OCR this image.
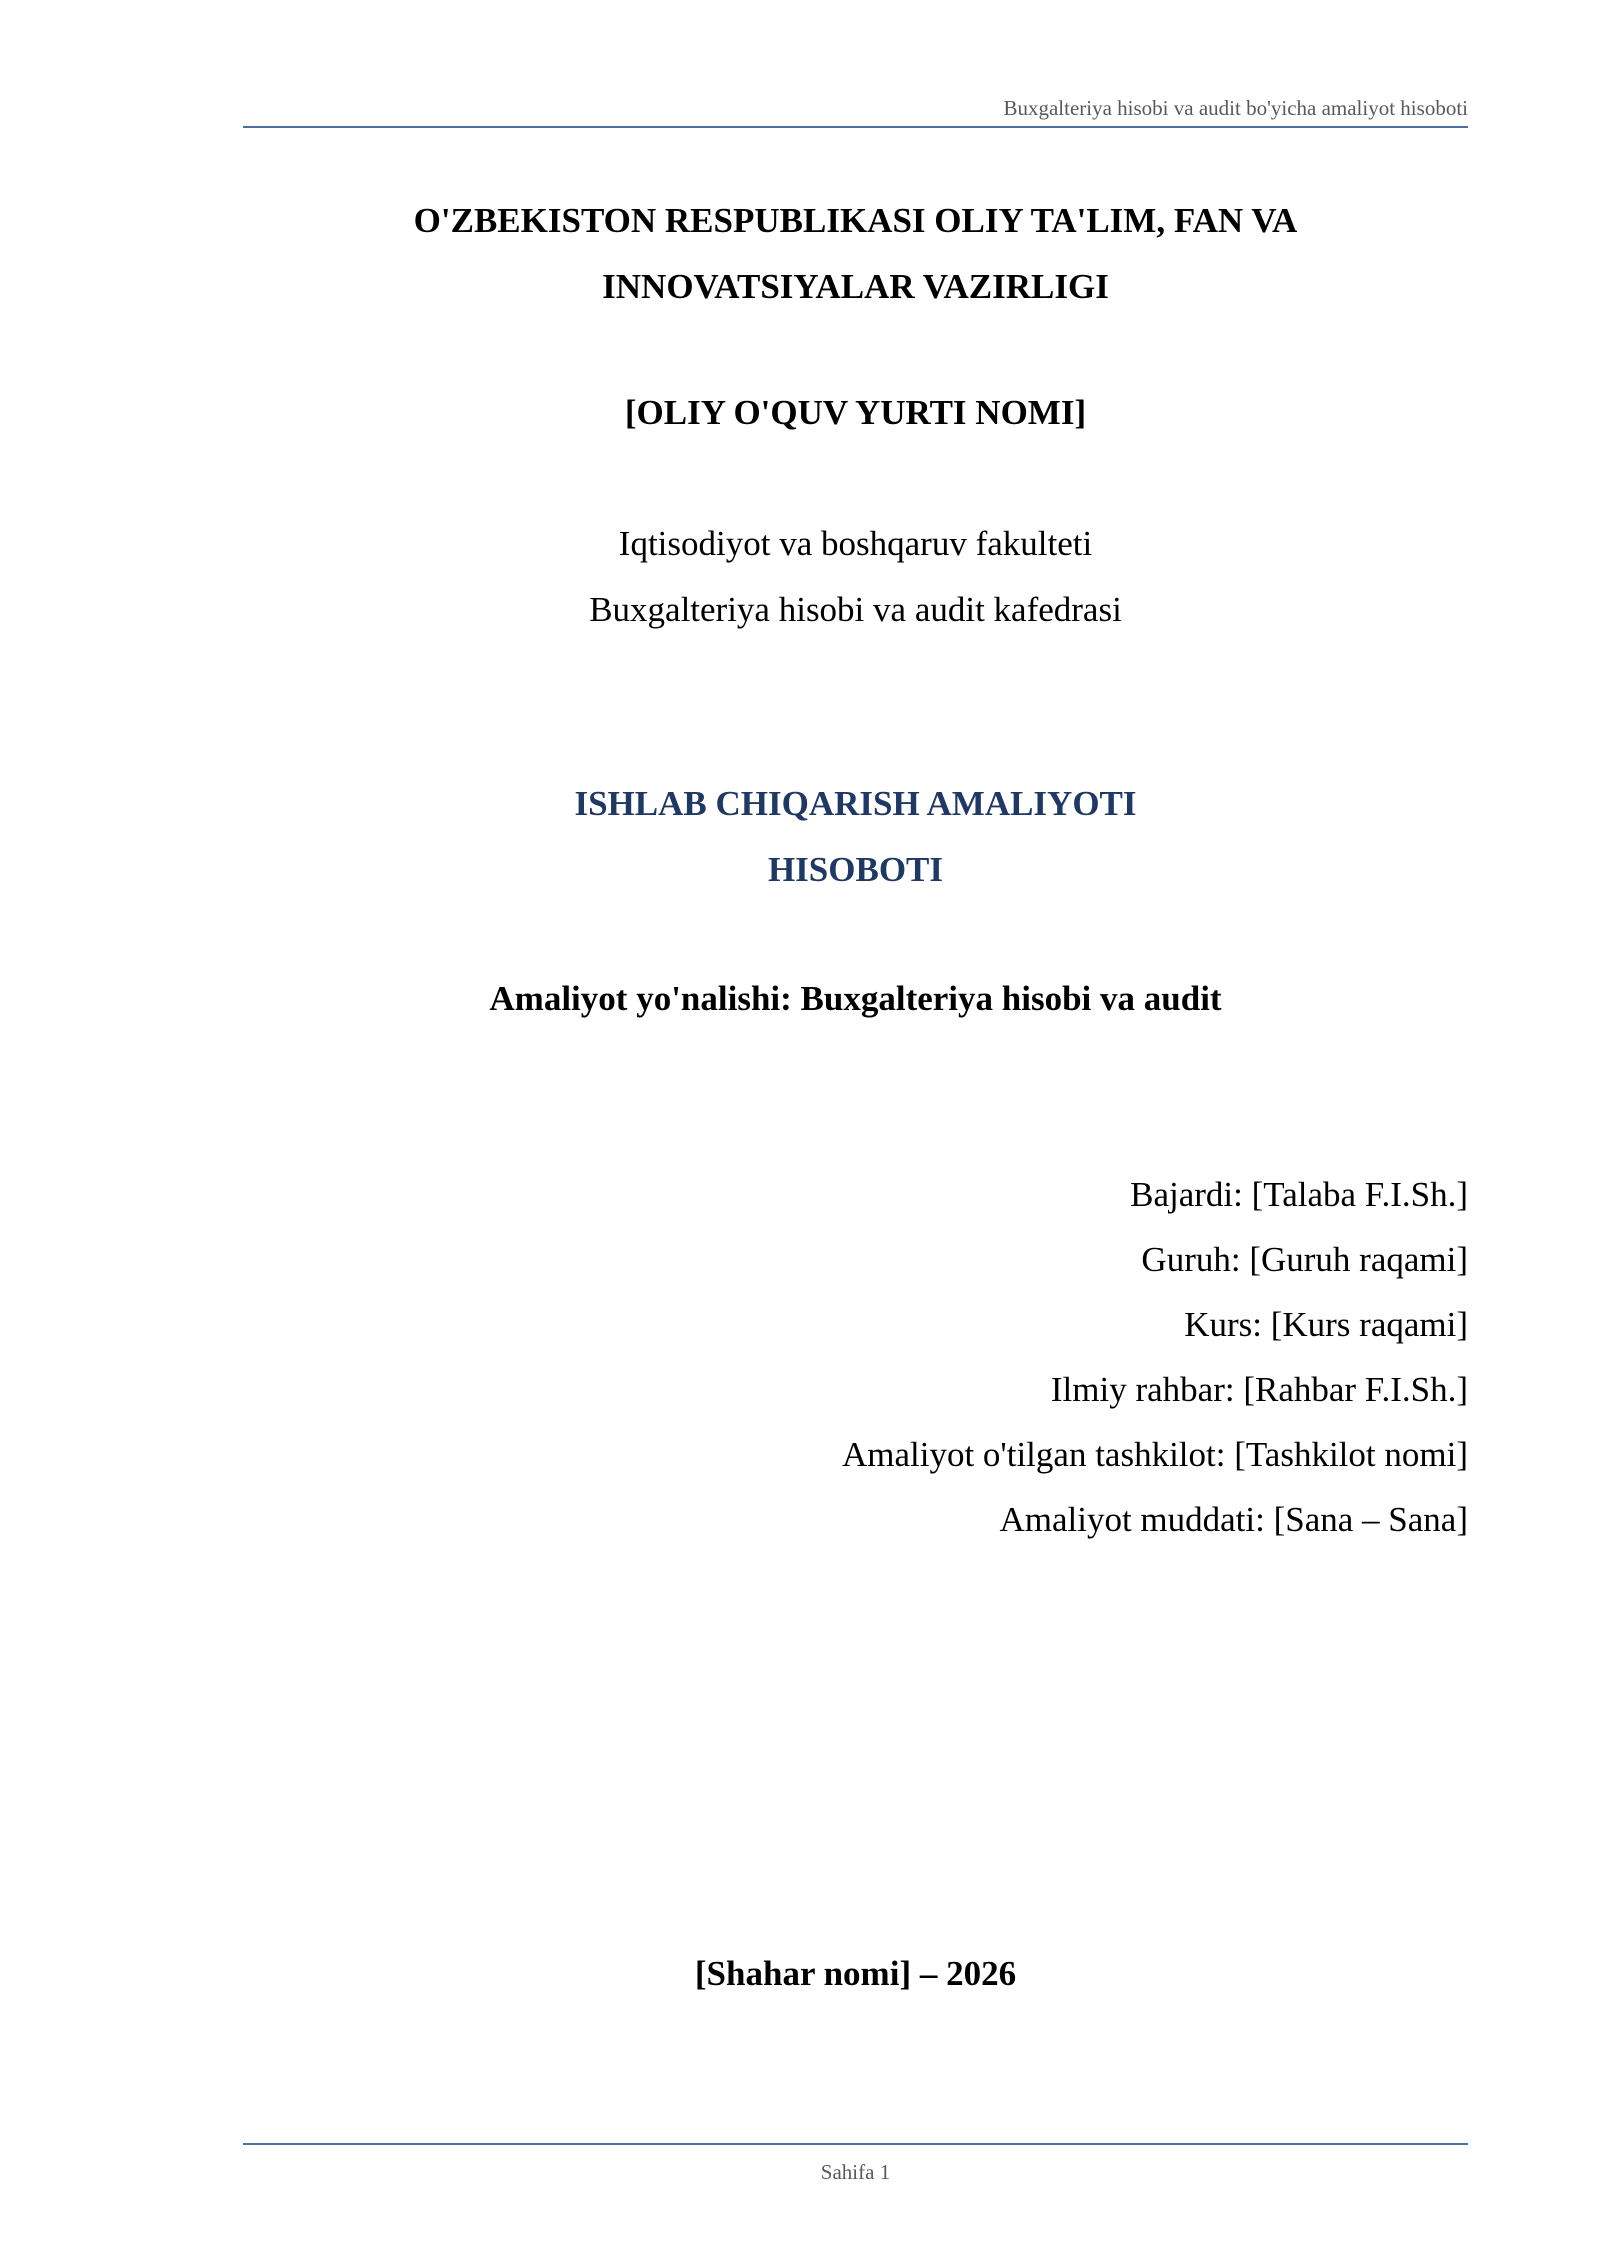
Buxgalteriya hisobi va audit bo'yicha amaliyot hisoboti
O'ZBEKISTON RESPUBLIKASI OLIY TA'LIM, FAN VA
INNOVATSIYALAR VAZIRLIGI
[OLIY O'QUV YURTI NOMI]
Iqtisodiyot va boshqaruv fakulteti
Buxgalteriya hisobi va audit kafedrasi
ISHLAB CHIQARISH AMALIYOTI
HISOBOTI
Amaliyot yo'nalishi: Buxgalteriya hisobi va audit
Bajardi: [Talaba F.I.Sh.]
Guruh: [Guruh raqami]
Kurs: [Kurs raqami]
Ilmiy rahbar: [Rahbar F.I.Sh.]
Amaliyot o'tilgan tashkilot: [Tashkilot nomi]
Amaliyot muddati: [Sana – Sana]
[Shahar nomi] – 2026
Sahifa 1
